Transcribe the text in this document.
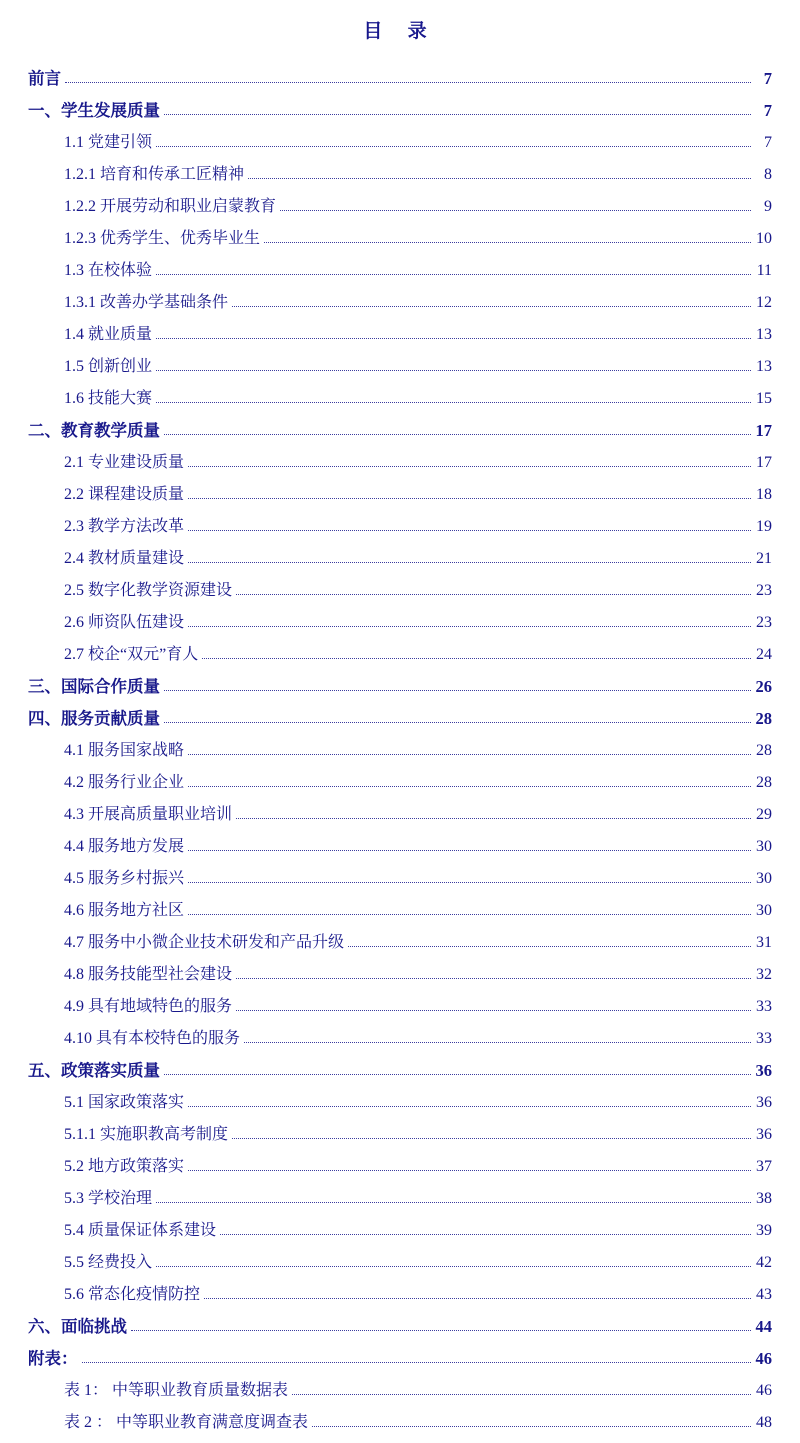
目 录
前言	7
一、学生发展质量	7
1.1 党建引领	7
1.2.1 培育和传承工匠精神	8
1.2.2 开展劳动和职业启蒙教育	9
1.2.3 优秀学生、优秀毕业生	10
1.3 在校体验	11
1.3.1 改善办学基础条件	12
1.4 就业质量	13
1.5 创新创业	13
1.6 技能大赛	15
二、教育教学质量	17
2.1 专业建设质量	17
2.2 课程建设质量	18
2.3 教学方法改革	19
2.4 教材质量建设	21
2.5 数字化教学资源建设	23
2.6 师资队伍建设	23
2.7 校企“双元”育人	24
三、国际合作质量	26
四、服务贡献质量	28
4.1 服务国家战略	28
4.2 服务行业企业	28
4.3 开展高质量职业培训	29
4.4 服务地方发展	30
4.5 服务乡村振兴	30
4.6 服务地方社区	30
4.7 服务中小微企业技术研发和产品升级	31
4.8 服务技能型社会建设	32
4.9 具有地域特色的服务	33
4.10 具有本校特色的服务	33
五、政策落实质量	36
5.1 国家政策落实	36
5.1.1 实施职教高考制度	36
5.2 地方政策落实	37
5.3 学校治理	38
5.4 质量保证体系建设	39
5.5 经费投入	42
5.6 常态化疫情防控	43
六、面临挑战	44
附表：	46
表 1： 中等职业教育质量数据表	46
表 2 ： 中等职业教育满意度调查表	48
